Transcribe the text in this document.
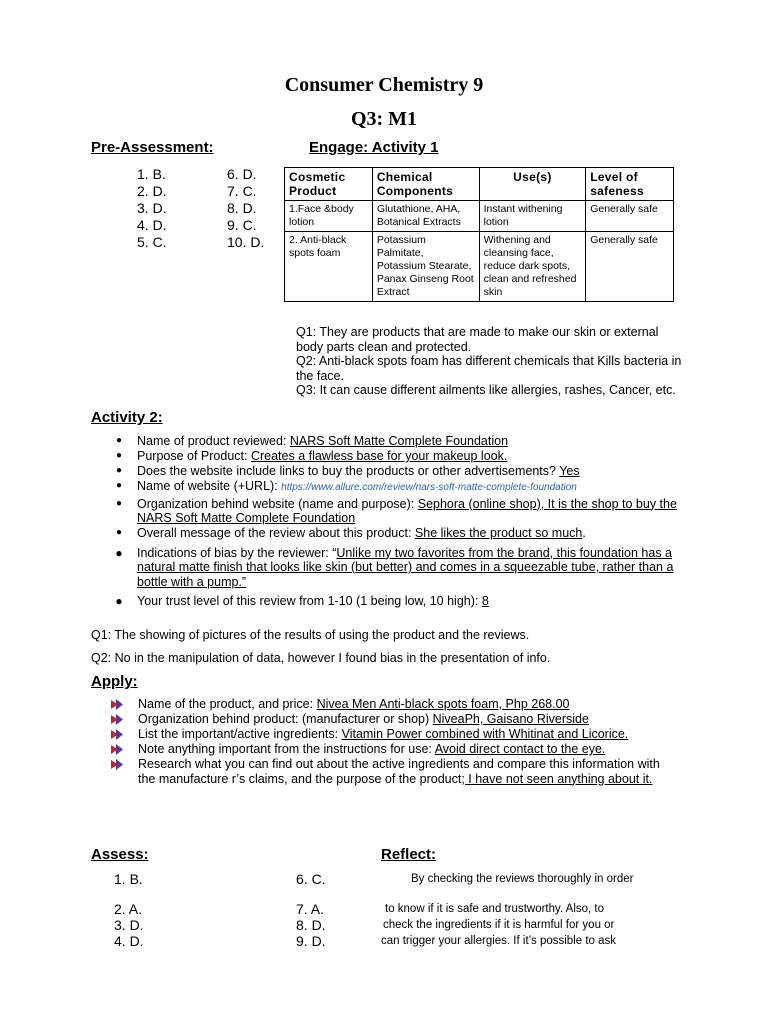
Consumer Chemistry 9
Q3: M1
Pre-Assessment:
1. B.
2. D.
3. D.
4. D.
5. C.
6. D.
7. C.
8. D.
9. C.
10. D.
Engage: Activity 1
Cosmetic Product	Chemical Components	Use(s)	Level of safeness
1.Face &body lotion	Glutathione, AHA, Botanical Extracts	Instant withening lotion	Generally safe
2. Anti-black spots foam	Potassium Palmitate, Potassium Stearate, Panax Ginseng Root Extract	Withening and cleansing face, reduce dark spots, clean and refreshed skin	Generally safe
Q1: They are products that are made to make our skin or external body parts clean and protected.
Q2: Anti-black spots foam has different chemicals that Kills bacteria in the face.
Q3: It can cause different ailments like allergies, rashes, Cancer, etc.
Activity 2:
●	Name of product reviewed: NARS Soft Matte Complete Foundation
●	Purpose of Product: Creates a flawless base for your makeup look.
●	Does the website include links to buy the products or other advertisements? Yes
●	Name of website (+URL): https://www.allure.com/review/nars-soft-matte-complete-foundation
●	Organization behind website (name and purpose): Sephora (online shop), It is the shop to buy the NARS Soft Matte Complete Foundation
●	Overall message of the review about this product: She likes the product so much.
●	Indications of bias by the reviewer: “Unlike my two favorites from the brand, this foundation has a natural matte finish that looks like skin (but better) and comes in a squeezable tube, rather than a bottle with a pump.”
●	Your trust level of this review from 1-10 (1 being low, 10 high): 8
Q1: The showing of pictures of the results of using the product and the reviews.
Q2: No in the manipulation of data, however I found bias in the presentation of info.
Apply:
Name of the product, and price: Nivea Men Anti-black spots foam, Php 268.00
Organization behind product: (manufacturer or shop) NiveaPh, Gaisano Riverside
List the important/active ingredients: Vitamin Power combined with Whitinat and Licorice.
Note anything important from the instructions for use: Avoid direct contact to the eye.
Research what you can find out about the active ingredients and compare this information with the manufacture r’s claims, and the purpose of the product; I have not seen anything about it.
Assess:
1. B.
2. A.
3. D.
4. D.
6. C.
7. A.
8. D.
9. D.
Reflect:
By checking the reviews thoroughly in order
to know if it is safe and trustworthy. Also, to
check the ingredients if it is harmful for you or
can trigger your allergies. If it’s possible to ask
